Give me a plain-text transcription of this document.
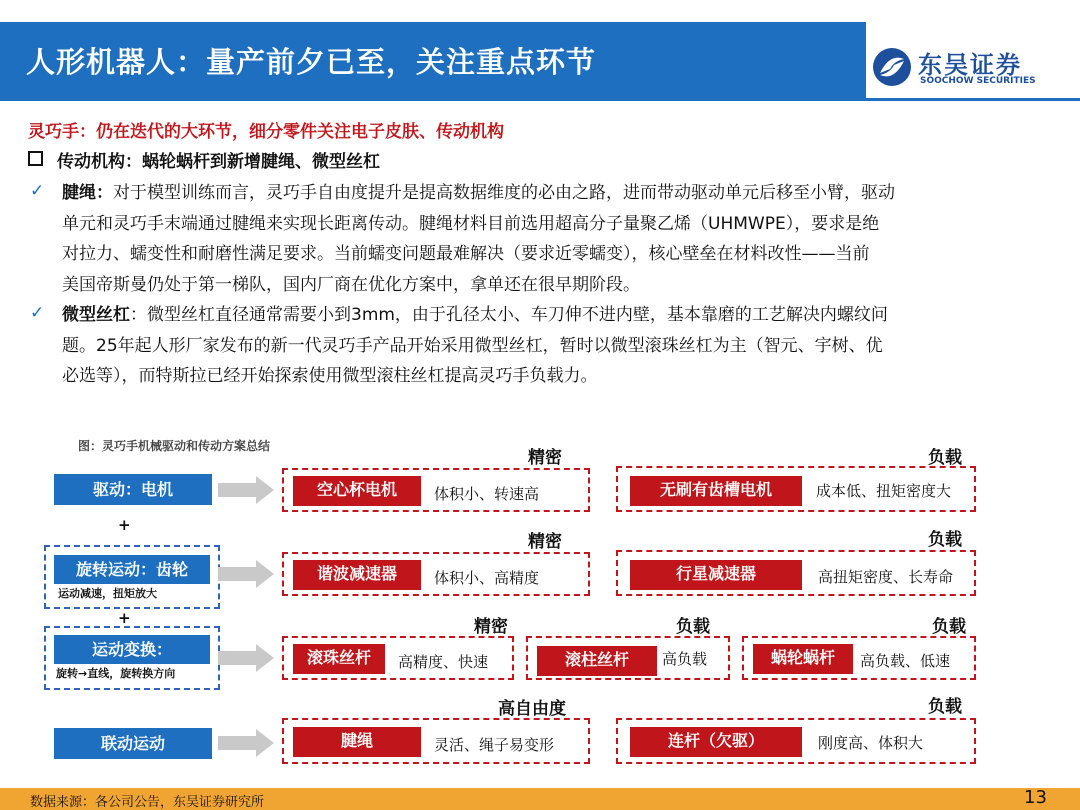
人形机器人：量产前夕已至，关注重点环节	东吴证券
SOOCHOW SECURITIES
灵巧手：仍在迭代的大环节，细分零件关注电子皮肤、传动机构
传动机构：蜗轮蜗杆到新增腱绳、微型丝杠
✓ 腱绳：对于模型训练而言，灵巧手自由度提升是提高数据维度的必由之路，进而带动驱动单元后移至小臂，驱动
单元和灵巧手末端通过腱绳来实现长距离传动。腱绳材料目前选用超高分子量聚乙烯（UHMWPE），要求是绝
对拉力、蠕变性和耐磨性满足要求。当前蠕变问题最难解决（要求近零蠕变），核心壁垒在材料改性——当前
美国帝斯曼仍处于第一梯队，国内厂商在优化方案中，拿单还在很早期阶段。
✓ 微型丝杠：微型丝杠直径通常需要小到3mm，由于孔径太小、车刀伸不进内壁，基本靠磨的工艺解决内螺纹问
题。25年起人形厂家发布的新一代灵巧手产品开始采用微型丝杠，暂时以微型滚珠丝杠为主（智元、宇树、优
必选等），而特斯拉已经开始探索使用微型滚柱丝杠提高灵巧手负载力。
图：灵巧手机械驱动和传动方案总结
驱动：电机
+
旋转运动：齿轮
运动减速，扭矩放大
+
运动变换：
旋转→直线，旋转换方向
联动运动
精密
空心杯电机	体积小、转速高
负载
无刷有齿槽电机	成本低、扭矩密度大
精密
谐波减速器	体积小、高精度
负载
行星减速器	高扭矩密度、长寿命
精密
滚珠丝杆	高精度、快速
负载
滚柱丝杆	高负载
负载
蜗轮蜗杆	高负载、低速
高自由度
腱绳	灵活、绳子易变形
负载
连杆（欠驱）	刚度高、体积大
数据来源：各公司公告，东吴证券研究所	13
